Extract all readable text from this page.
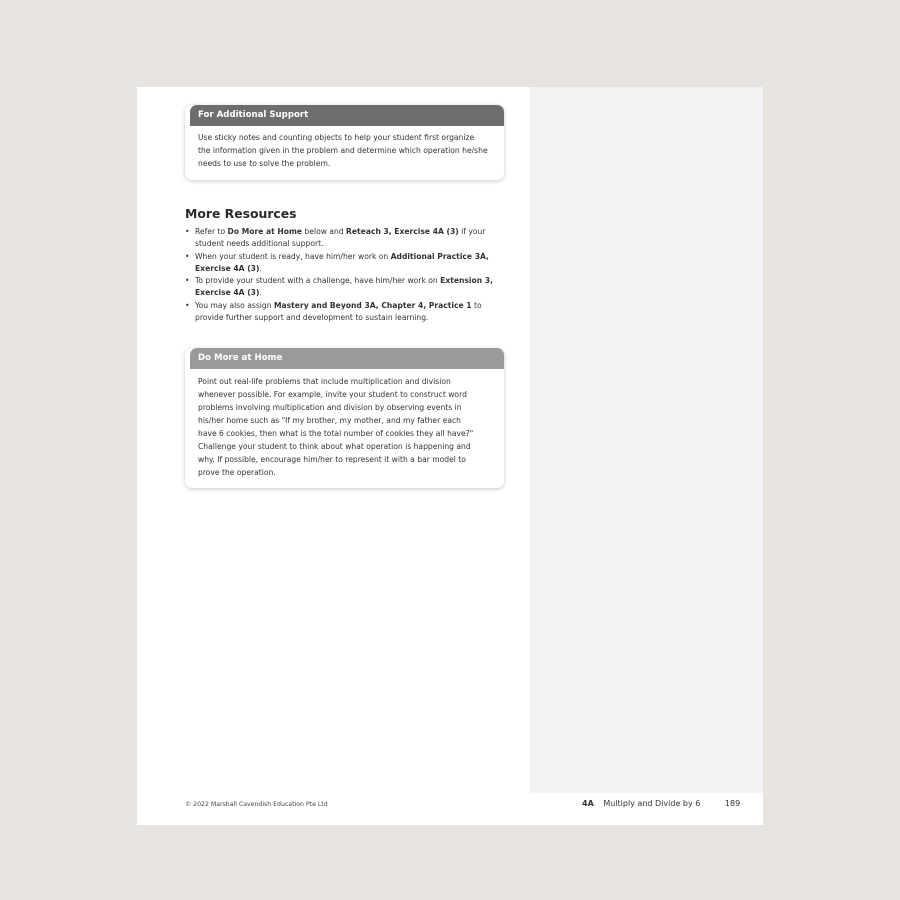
For Additional Support

Use sticky notes and counting objects to help your student first organize

the information given in the problem and determine which operation he/she

needs to use to solve the problem.

More Resources
• Refer to Do More at Home below and Reteach 3, Exercise 4A (3) if your
student needs additional support.
• When your student is ready, have him/her work on Additional Practice 3A,
Exercise 4A (3).
• To provide your student with a challenge, have him/her work on Extension 3,
Exercise 4A (3).
• You may also assign Mastery and Beyond 3A, Chapter 4, Practice 1 to
provide further support and development to sustain learning.
Do More at Home

Point out real-life problems that include multiplication and division

whenever possible. For example, invite your student to construct word

problems involving multiplication and division by observing events in

his/her home such as "If my brother, my mother, and my father each

have 6 cookies, then what is the total number of cookies they all have?"

Challenge your student to think about what operation is happening and

why. If possible, encourage him/her to represent it with a bar model to

prove the operation.

© 2022 Marshall Cavendish Education Pte Ltd	4A Multiply and Divide by 6	189
